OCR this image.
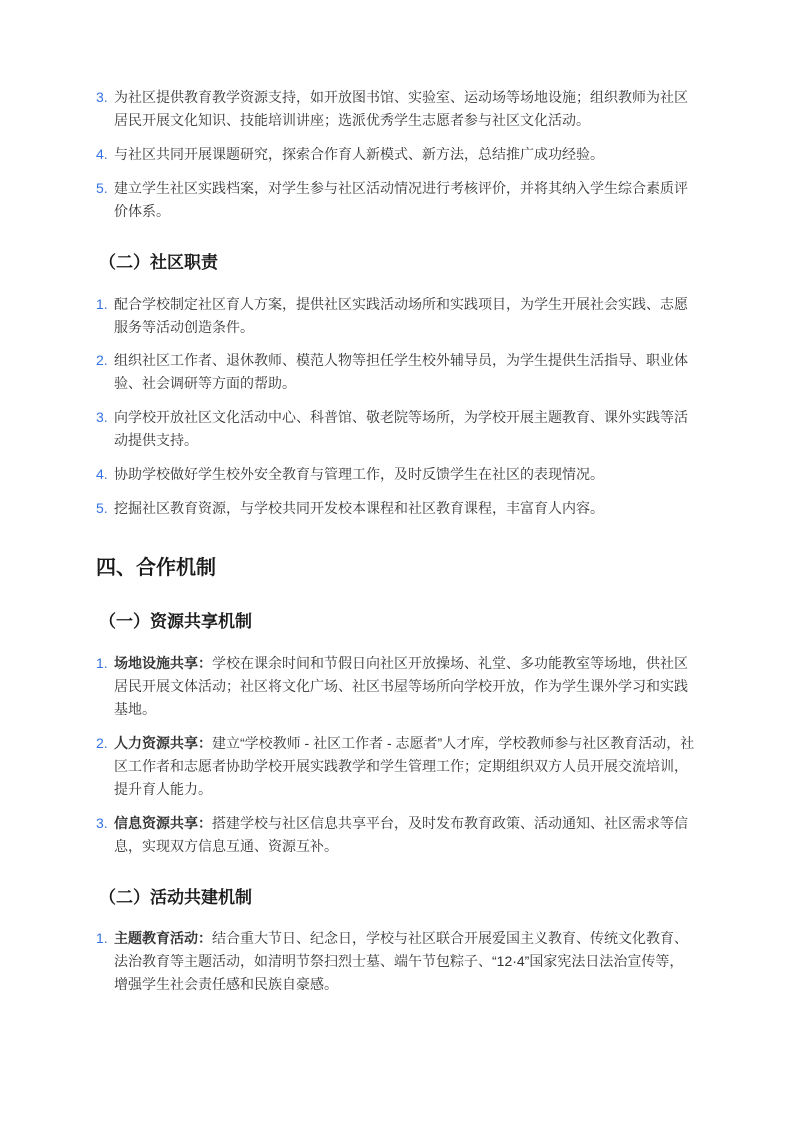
3. 为社区提供教育教学资源支持，如开放图书馆、实验室、运动场等场地设施；组织教师为社区居民开展文化知识、技能培训讲座；选派优秀学生志愿者参与社区文化活动。
4. 与社区共同开展课题研究，探索合作育人新模式、新方法，总结推广成功经验。
5. 建立学生社区实践档案，对学生参与社区活动情况进行考核评价，并将其纳入学生综合素质评价体系。
（二）社区职责
1. 配合学校制定社区育人方案，提供社区实践活动场所和实践项目，为学生开展社会实践、志愿服务等活动创造条件。
2. 组织社区工作者、退休教师、模范人物等担任学生校外辅导员，为学生提供生活指导、职业体验、社会调研等方面的帮助。
3. 向学校开放社区文化活动中心、科普馆、敬老院等场所，为学校开展主题教育、课外实践等活动提供支持。
4. 协助学校做好学生校外安全教育与管理工作，及时反馈学生在社区的表现情况。
5. 挖掘社区教育资源，与学校共同开发校本课程和社区教育课程，丰富育人内容。
四、合作机制
（一）资源共享机制
1. 场地设施共享：学校在课余时间和节假日向社区开放操场、礼堂、多功能教室等场地，供社区居民开展文体活动；社区将文化广场、社区书屋等场所向学校开放，作为学生课外学习和实践基地。
2. 人力资源共享：建立“学校教师 - 社区工作者 - 志愿者”人才库，学校教师参与社区教育活动，社区工作者和志愿者协助学校开展实践教学和学生管理工作；定期组织双方人员开展交流培训，提升育人能力。
3. 信息资源共享：搭建学校与社区信息共享平台，及时发布教育政策、活动通知、社区需求等信息，实现双方信息互通、资源互补。
（二）活动共建机制
1. 主题教育活动：结合重大节日、纪念日，学校与社区联合开展爱国主义教育、传统文化教育、法治教育等主题活动，如清明节祭扫烈士墓、端午节包粽子、“12·4”国家宪法日法治宣传等，增强学生社会责任感和民族自豪感。
